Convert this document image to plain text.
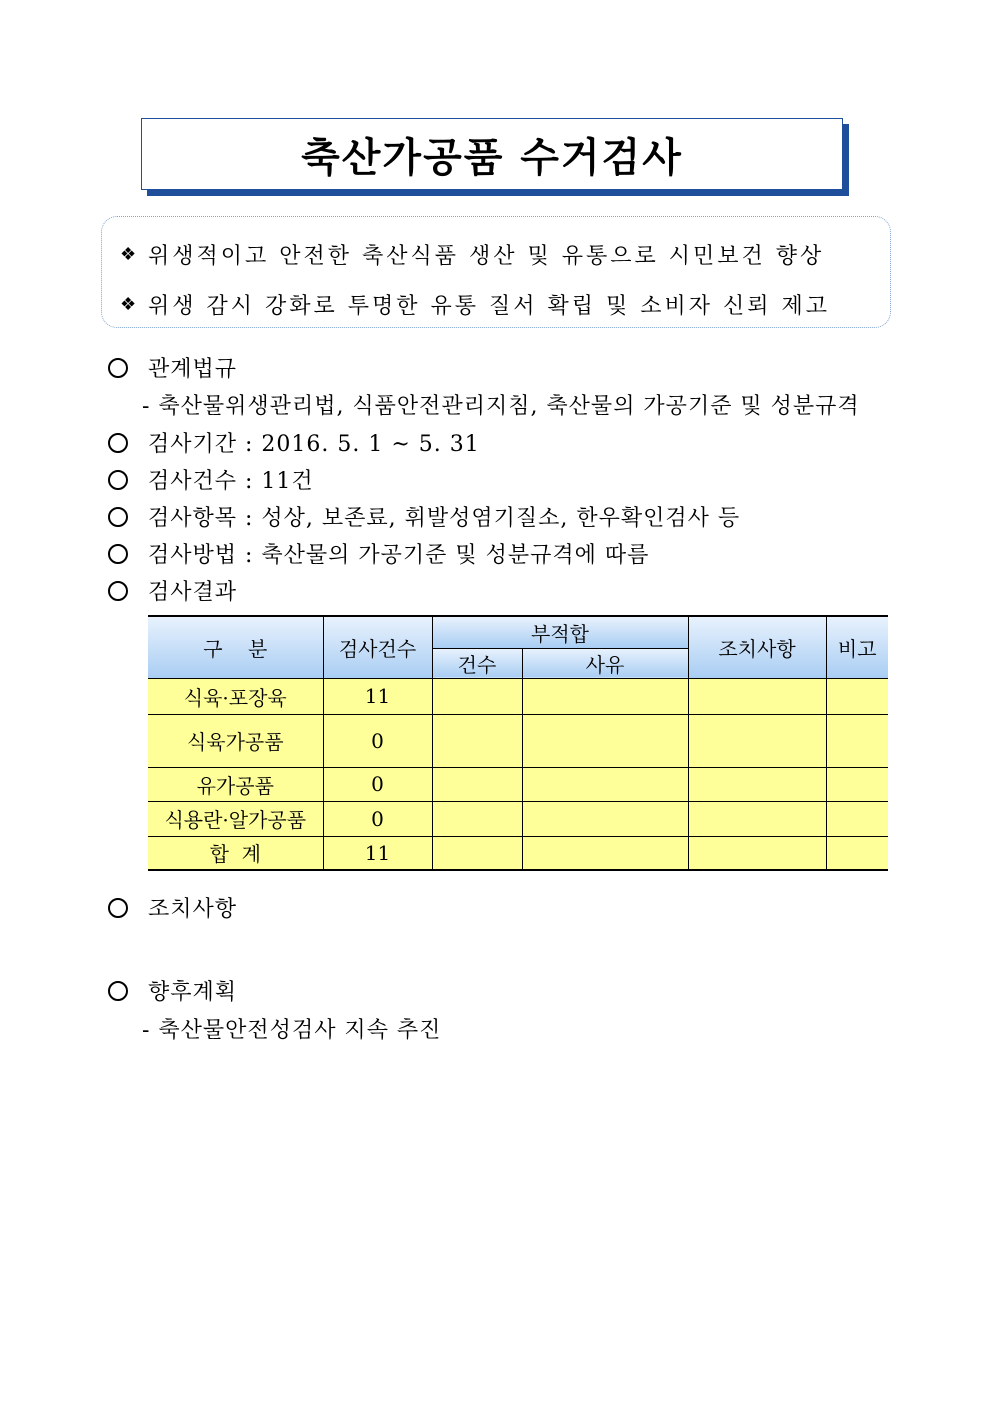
축산가공품 수거검사
❖ 위생적이고 안전한 축산식품 생산 및 유통으로 시민보건 향상
❖ 위생 감시 강화로 투명한 유통 질서 확립 및 소비자 신뢰 제고
관계법규
- 축산물위생관리법, 식품안전관리지침, 축산물의 가공기준 및 성분규격
검사기간 : 2016. 5. 1 ~ 5. 31
검사건수 : 11건
검사항목 : 성상, 보존료, 휘발성염기질소, 한우확인검사 등
검사방법 : 축산물의 가공기준 및 성분규격에 따름
검사결과
구    분	검사건수	부적합		조치사항	비고
		건수	사유		
식육·포장육	11				
식육가공품	0				
유가공품	0				
식용란·알가공품	0				
합  계	11				
조치사항
향후계획
- 축산물안전성검사 지속 추진
